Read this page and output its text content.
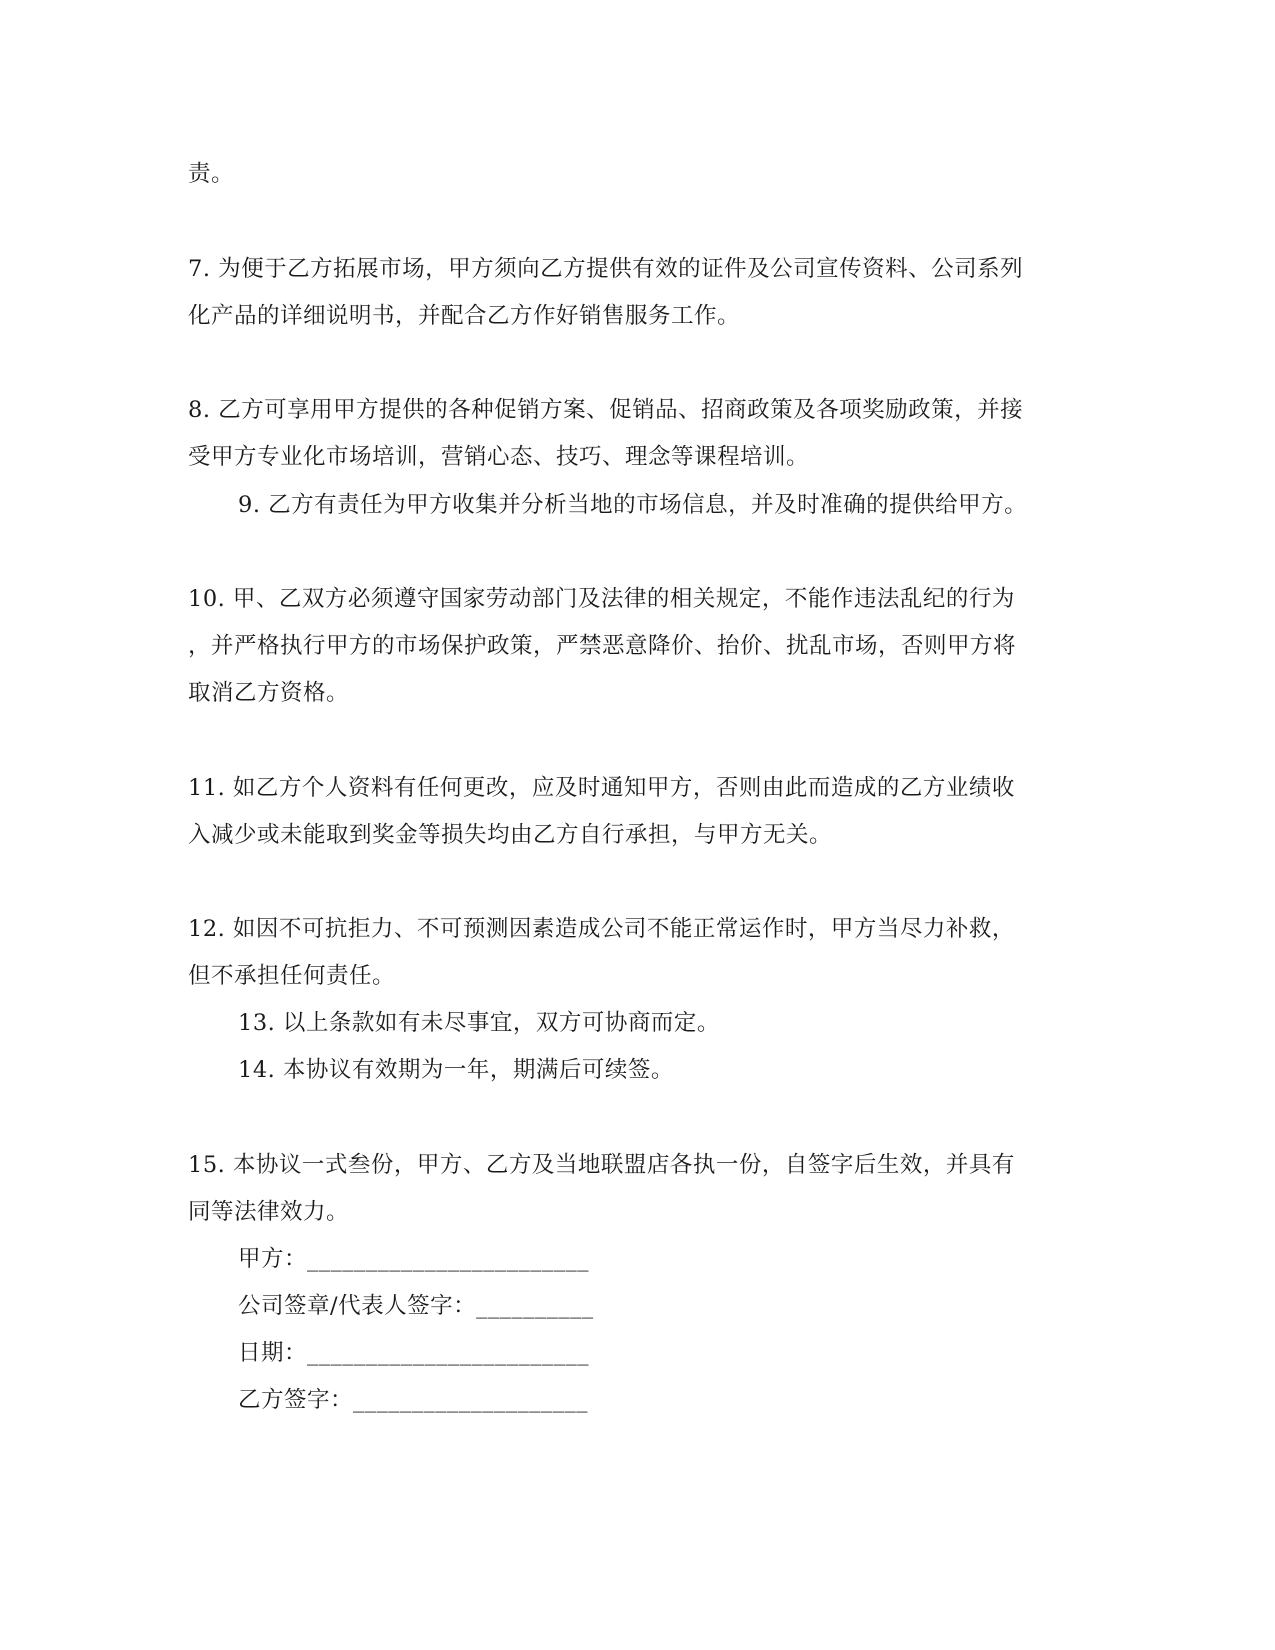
责。
7. 为便于乙方拓展市场，甲方须向乙方提供有效的证件及公司宣传资料、公司系列
化产品的详细说明书，并配合乙方作好销售服务工作。
8. 乙方可享用甲方提供的各种促销方案、促销品、招商政策及各项奖励政策，并接
受甲方专业化市场培训，营销心态、技巧、理念等课程培训。
9. 乙方有责任为甲方收集并分析当地的市场信息，并及时准确的提供给甲方。
10. 甲、乙双方必须遵守国家劳动部门及法律的相关规定，不能作违法乱纪的行为
，并严格执行甲方的市场保护政策，严禁恶意降价、抬价、扰乱市场，否则甲方将
取消乙方资格。
11. 如乙方个人资料有任何更改，应及时通知甲方，否则由此而造成的乙方业绩收
入减少或未能取到奖金等损失均由乙方自行承担，与甲方无关。
12. 如因不可抗拒力、不可预测因素造成公司不能正常运作时，甲方当尽力补救，
但不承担任何责任。
13. 以上条款如有未尽事宜，双方可协商而定。
14. 本协议有效期为一年，期满后可续签。
15. 本协议一式叁份，甲方、乙方及当地联盟店各执一份，自签字后生效，并具有
同等法律效力。
甲方：________________________
公司签章/代表人签字：__________
日期：________________________
乙方签字：____________________
